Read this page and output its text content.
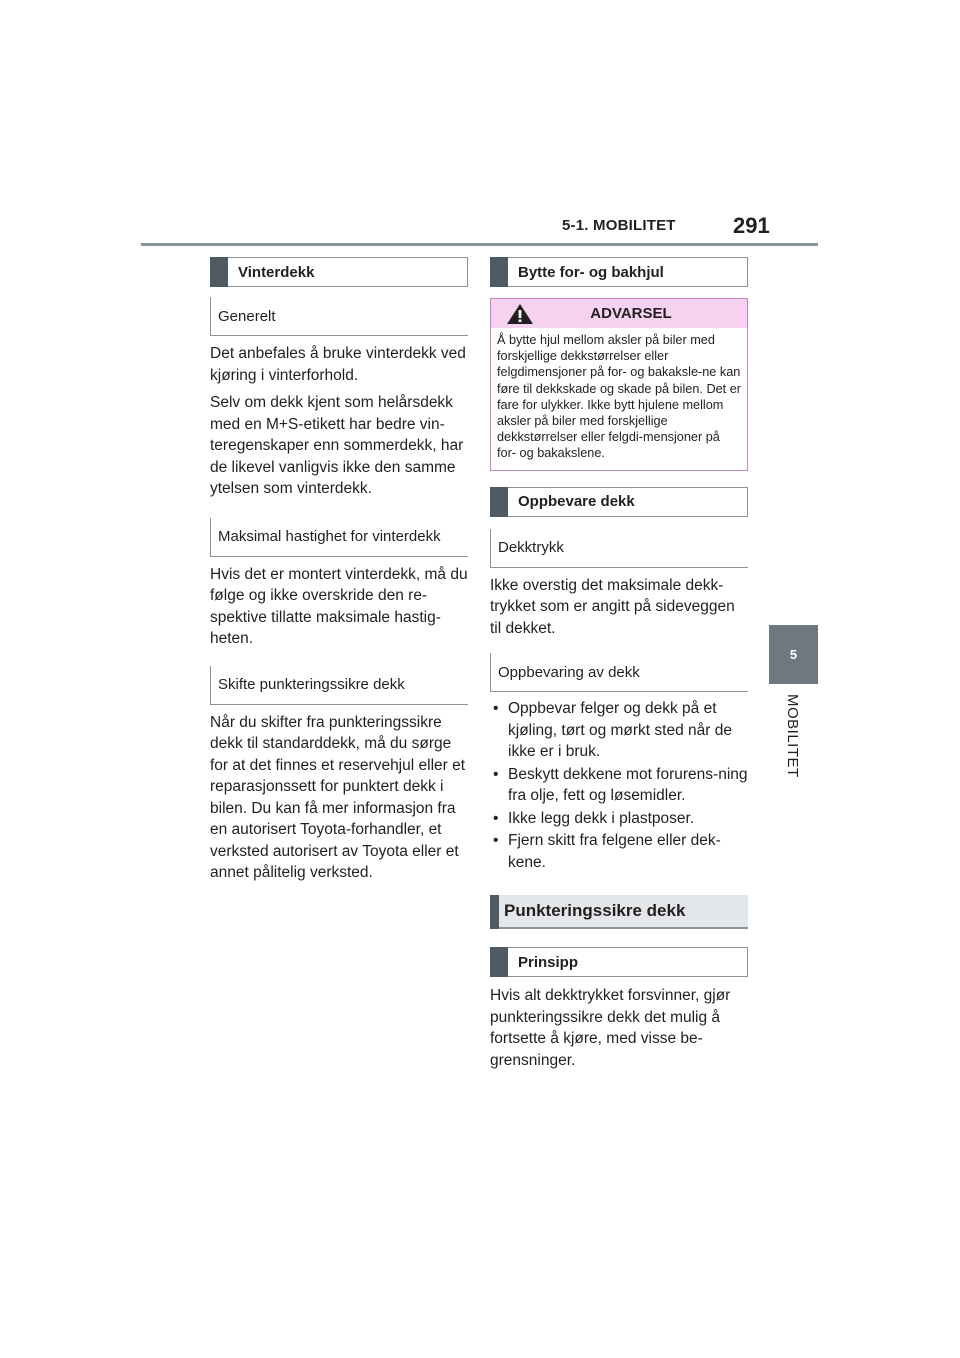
5-1. MOBILITET	291
5
MOBILITET
Vinterdekk
Generelt

Det anbefales å bruke vinterdekk ved kjøring i vinterforhold.

Selv om dekk kjent som helårsdekk med en M+S-etikett har bedre vin-teregenskaper enn sommerdekk, har de likevel vanligvis ikke den samme ytelsen som vinterdekk.

Maksimal hastighet for vinterdekk

Hvis det er montert vinterdekk, må du følge og ikke overskride den re-spektive tillatte maksimale hastig-heten.

Skifte punkteringssikre dekk

Når du skifter fra punkteringssikre dekk til standarddekk, må du sørge for at det finnes et reservehjul eller et reparasjonssett for punktert dekk i bilen. Du kan få mer informasjon fra en autorisert Toyota-forhandler, et verksted autorisert av Toyota eller et annet pålitelig verksted.

Bytte for- og bakhjul
ADVARSEL
Å bytte hjul mellom aksler på biler med forskjellige dekkstørrelser eller felgdimensjoner på for- og bakaksle-ne kan føre til dekkskade og skade på bilen. Det er fare for ulykker. Ikke bytt hjulene mellom aksler på biler med forskjellige dekkstørrelser eller felgdi-mensjoner på for- og bakakslene.
Oppbevare dekk
Dekktrykk

Ikke overstig det maksimale dekk-trykket som er angitt på sideveggen til dekket.

Oppbevaring av dekk
• Oppbevar felger og dekk på et kjøling, tørt og mørkt sted når de ikke er i bruk.
• Beskytt dekkene mot forurens-ning fra olje, fett og løsemidler.
• Ikke legg dekk i plastposer.
• Fjern skitt fra felgene eller dek-kene.
Punkteringssikre dekk
Prinsipp

Hvis alt dekktrykket forsvinner, gjør punkteringssikre dekk det mulig å fortsette å kjøre, med visse be-grensninger.
